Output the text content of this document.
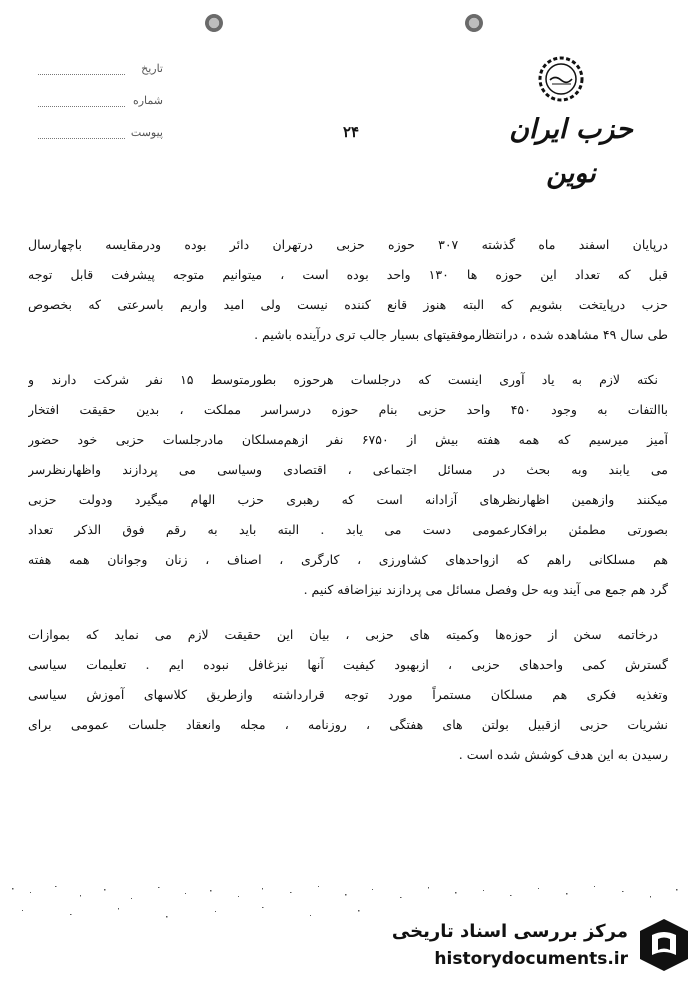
تاریخ
شماره
پیوست	۲۴	حزب ایران نوین

درپایان اسفند ماه گذشته ۳۰۷ حوزه حزبی درتهران دائر بوده ودرمقایسه باچهارسال
قبل که تعداد این حوزه ها ۱۳۰ واحد بوده است ، میتوانیم متوجه پیشرفت قابل توجه
حزب درپایتخت بشویم که البته هنوز قانع کننده نیست ولی امید واریم باسرعتی که بخصوص
طی سال ۴۹ مشاهده شده ، درانتظارموفقیتهای بسیار جالب تری درآینده باشیم .

نکته لازم به یاد آوری اینست که درجلسات هرحوزه بطورمتوسط ۱۵ نفر شرکت دارند و
باالتفات به وجود ۴۵۰ واحد حزبی بنام حوزه درسراسر مملکت ، بدین حقیقت افتخار
آمیز میرسیم که همه هفته بیش از ۶۷۵۰ نفر ازهم‌مسلکان مادرجلسات حزبی خود حضور
می یابند وبه بحث در مسائل اجتماعی ، اقتصادی وسیاسی می پردازند واظهارنظرسر
میکنند وازهمین اظهارنظرهای آزادانه است که رهبری حزب الهام میگیرد ودولت حزبی
بصورتی مطمئن برافکارعمومی دست می یابد . البته باید به رقم فوق الذکر تعداد
هم مسلکانی راهم که ازواحدهای کشاورزی ، کارگری ، اصناف ، زنان وجوانان همه هفته
گرد هم جمع می آیند وبه حل وفصل مسائل می پردازند نیزاضافه کنیم .

درخاتمه سخن از حوزه‌ها وکمیته های حزبی ، بیان این حقیقت لازم می نماید که بموازات
گسترش کمی واحدهای حزبی ، ازبهبود کیفیت آنها نیزغافل نبوده ایم . تعلیمات سیاسی
وتغذیه فکری هم مسلکان مستمراً مورد توجه قرارداشته وازطریق کلاسهای آموزش سیاسی
نشریات حزبی ازقبیل بولتن های هفتگی ، روزنامه ، مجله وانعقاد جلسات عمومی برای
رسیدن به این هدف کوشش شده است .

مرکز بررسی اسناد تاریخی
historydocuments.ir
